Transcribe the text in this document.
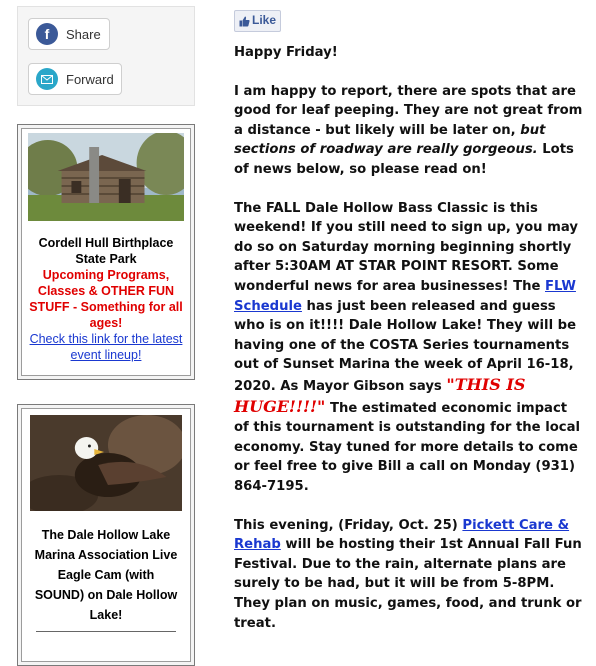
f	Share
Forward
Cordell Hull Birthplace State Park
Upcoming Programs, Classes & OTHER FUN STUFF - Something for all ages!
Check this link for the latest event lineup!
The Dale Hollow Lake Marina Association Live Eagle Cam (with SOUND) on Dale Hollow Lake!
Like

Happy Friday!

I am happy to report, there are spots that are good for leaf peeping. They are not great from a distance - but likely will be later on, but sections of roadway are really gorgeous. Lots of news below, so please read on!

The FALL Dale Hollow Bass Classic is this weekend! If you still need to sign up, you may do so on Saturday morning beginning shortly after 5:30AM AT STAR POINT RESORT. Some wonderful news for area businesses! The FLW Schedule has just been released and guess who is on it!!!! Dale Hollow Lake! They will be having one of the COSTA Series tournaments out of Sunset Marina the week of April 16-18, 2020. As Mayor Gibson says "THIS IS HUGE!!!!" The estimated economic impact of this tournament is outstanding for the local economy. Stay tuned for more details to come or feel free to give Bill a call on Monday (931) 864-7195.

This evening, (Friday, Oct. 25) Pickett Care & Rehab will be hosting their 1st Annual Fall Fun Festival. Due to the rain, alternate plans are surely to be had, but it will be from 5-8PM. They plan on music, games, food, and trunk or treat.
